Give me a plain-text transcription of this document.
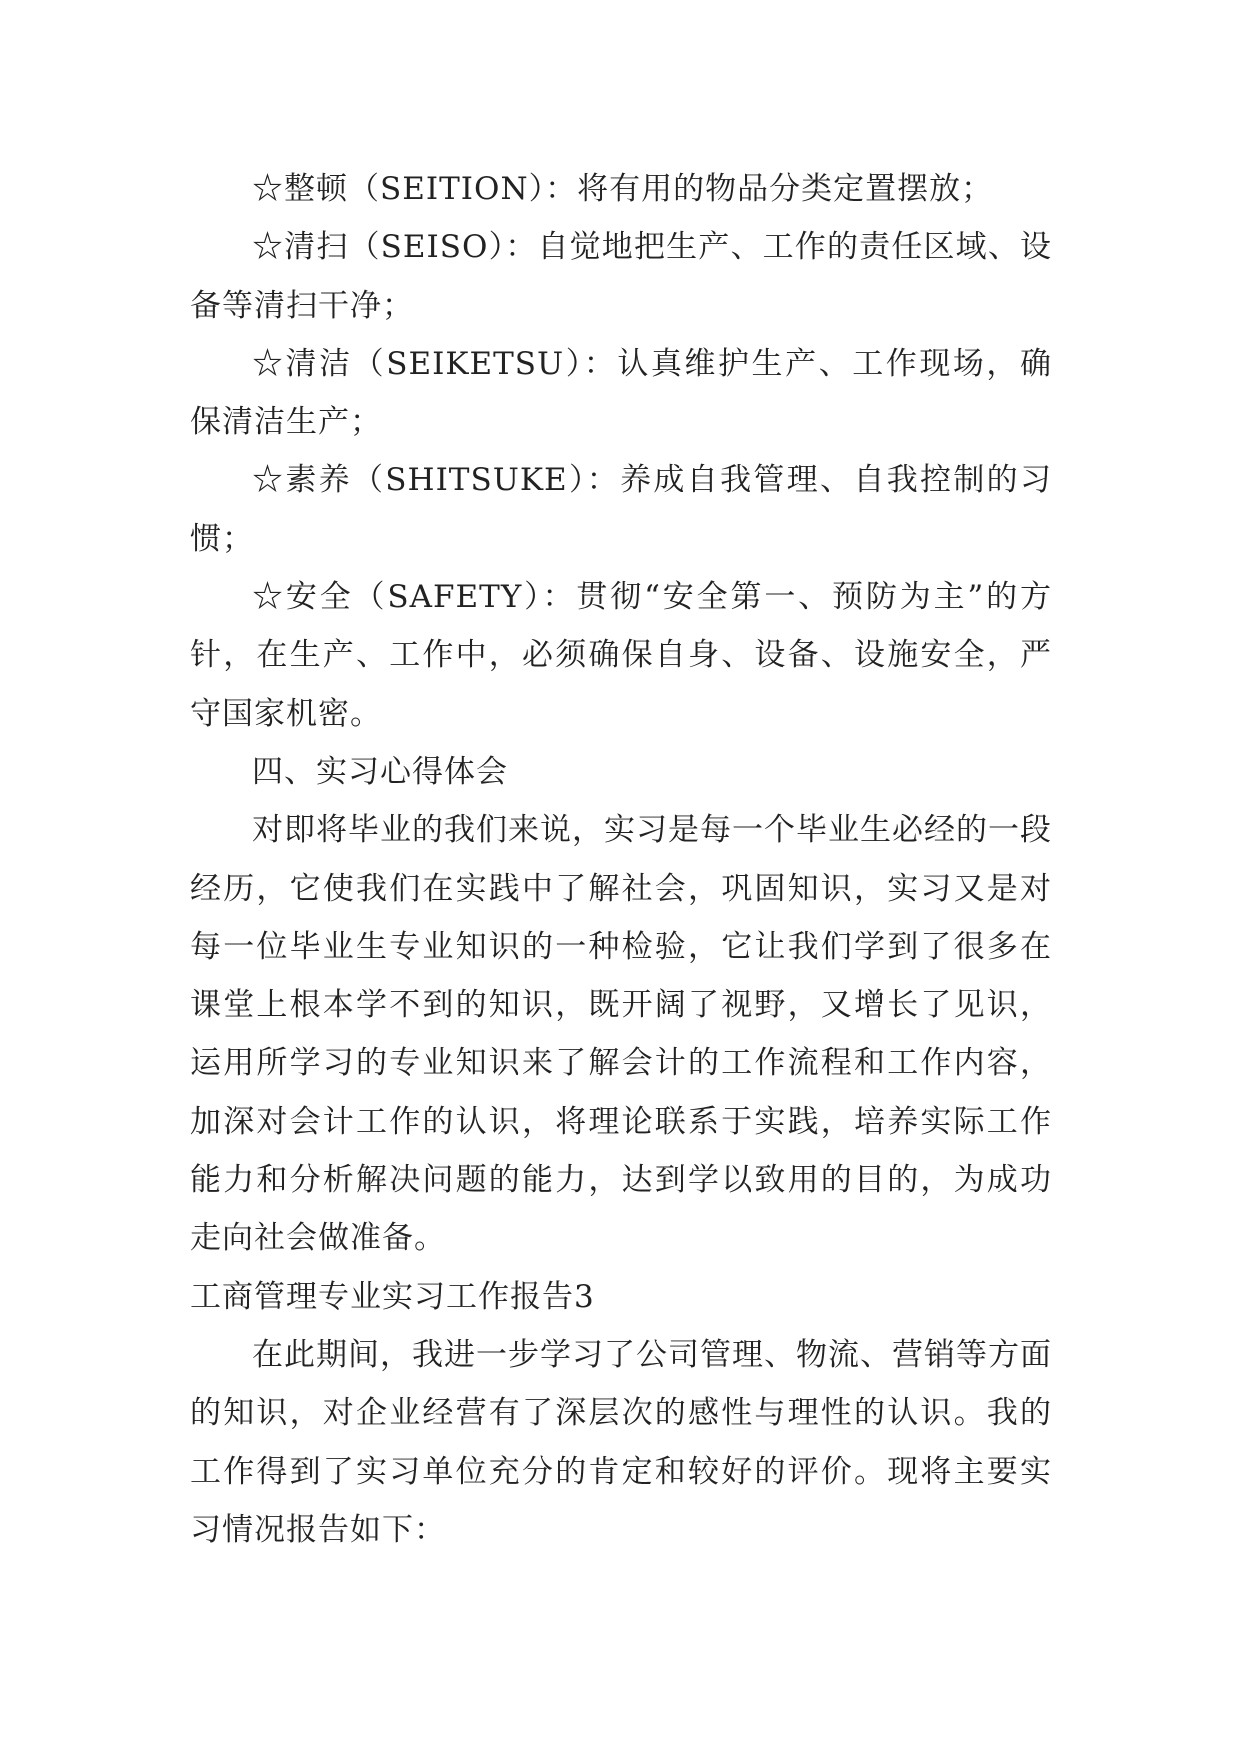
☆整顿（SEITION）：将有用的物品分类定置摆放；

☆清扫（SEISO）：自觉地把生产、工作的责任区域、设备等清扫干净；

☆清洁（SEIKETSU）：认真维护生产、工作现场，确保清洁生产；

☆素养（SHITSUKE）：养成自我管理、自我控制的习惯；

☆安全（SAFETY）：贯彻“安全第一、预防为主”的方针，在生产、工作中，必须确保自身、设备、设施安全，严守国家机密。

四、实习心得体会

对即将毕业的我们来说，实习是每一个毕业生必经的一段经历，它使我们在实践中了解社会，巩固知识，实习又是对每一位毕业生专业知识的一种检验，它让我们学到了很多在课堂上根本学不到的知识，既开阔了视野，又增长了见识，运用所学习的专业知识来了解会计的工作流程和工作内容，加深对会计工作的认识，将理论联系于实践，培养实际工作能力和分析解决问题的能力，达到学以致用的目的，为成功走向社会做准备。

工商管理专业实习工作报告3

在此期间，我进一步学习了公司管理、物流、营销等方面的知识，对企业经营有了深层次的感性与理性的认识。我的工作得到了实习单位充分的肯定和较好的评价。现将主要实习情况报告如下：
